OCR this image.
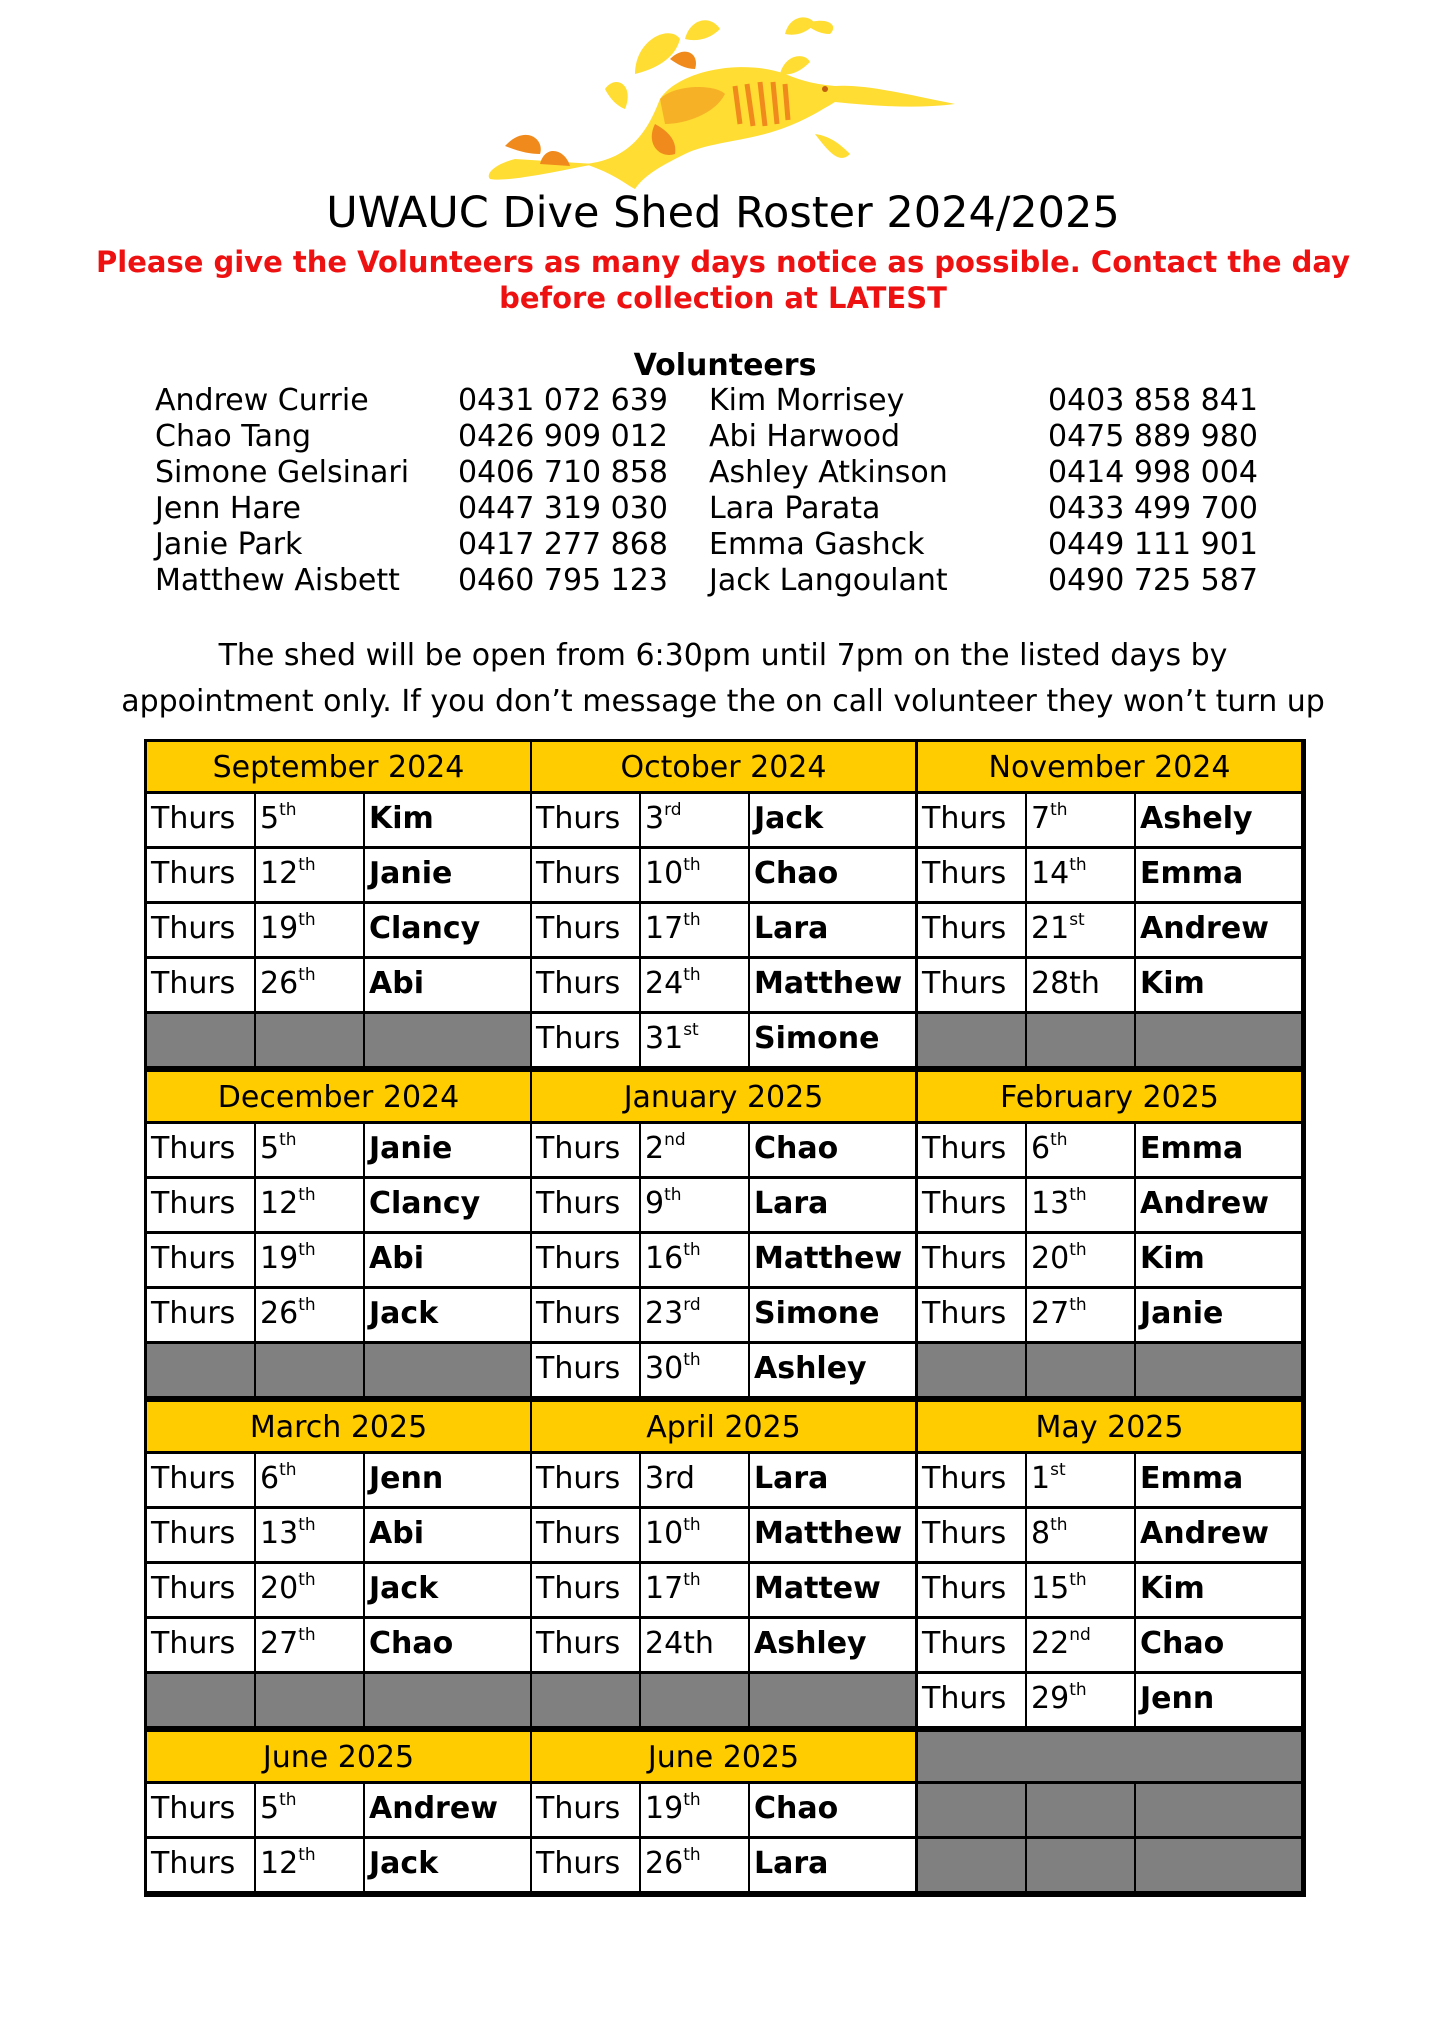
UWAUC Dive Shed Roster 2024/2025

Please give the Volunteers as many days notice as possible. Contact the day before collection at LATEST

Volunteers
Andrew Currie	0431 072 639 Kim Morrisey	0403 858 841
Chao Tang	0426 909 012 Abi Harwood	0475 889 980
Simone Gelsinari 0406 710 858 Ashley Atkinson	0414 998 004
Jenn Hare	0447 319 030 Lara Parata	0433 499 700
Janie Park	0417 277 868 Emma Gashck	0449 111 901
Matthew Aisbett 0460 795 123 Jack Langoulant	0490 725 587

The shed will be open from 6:30pm until 7pm on the listed days by
appointment only. If you don’t message the on call volunteer they won’t turn up

September 2024
Thurs 5th	Kim
Thurs 12th	Janie
Thurs 19th	Clancy
Thurs 26th	Abi
October 2024
Thurs 3rd	Jack
Thurs 10th	Chao
Thurs 17th	Lara
Thurs 24th	Matthew
Thurs 31st	Simone
November 2024
Thurs 7th	Ashely
Thurs 14th	Emma
Thurs 21st	Andrew
Thurs 28th	Kim
December 2024
Thurs 5th	Janie
Thurs 12th	Clancy
Thurs 19th	Abi
Thurs 26th	Jack
January 2025
Thurs 2nd	Chao
Thurs 9th	Lara
Thurs 16th	Matthew
Thurs 23rd	Simone
Thurs 30th	Ashley
February 2025
Thurs 6th	Emma
Thurs 13th	Andrew
Thurs 20th	Kim
Thurs 27th	Janie
March 2025
Thurs 6th	Jenn
Thurs 13th	Abi
Thurs 20th	Jack
Thurs 27th	Chao
April 2025
Thurs 3rd	Lara
Thurs 10th	Matthew
Thurs 17th	Mattew
Thurs 24th	Ashley
May 2025
Thurs 1st	Emma
Thurs 8th	Andrew
Thurs 15th	Kim
Thurs 22nd	Chao
Thurs 29th	Jenn
June 2025
Thurs 5th	Andrew
Thurs 12th	Jack
June 2025
Thurs 19th	Chao
Thurs 26th	Lara
